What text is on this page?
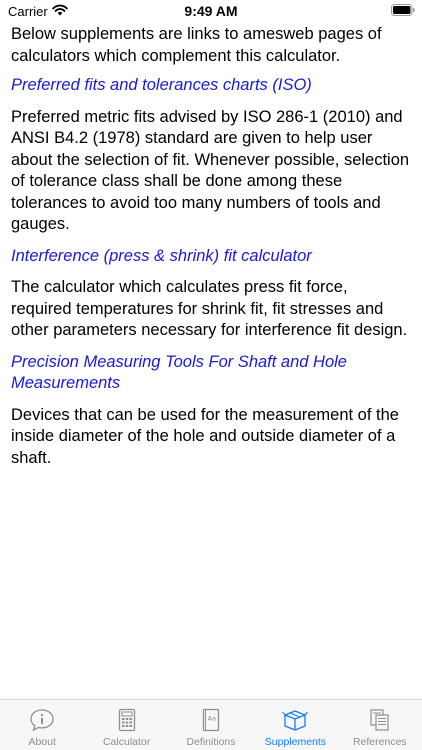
Carrier	9:49 AM

Below supplements are links to amesweb pages of calculators which complement this calculator.

Preferred fits and tolerances charts (ISO)

Preferred metric fits advised by ISO 286-1 (2010) and ANSI B4.2 (1978) standard are given to help user about the selection of fit. Whenever possible, selection of tolerance class shall be done among these tolerances to avoid too many numbers of tools and gauges.

Interference (press & shrink) fit calculator

The calculator which calculates press fit force, required temperatures for shrink fit, fit stresses and other parameters necessary for interference fit design.

Precision Measuring Tools For Shaft and Hole Measurements

Devices that can be used for the measurement of the inside diameter of the hole and outside diameter of a shaft.

About	Calculator
Aa
Definitions	Supplements	References
